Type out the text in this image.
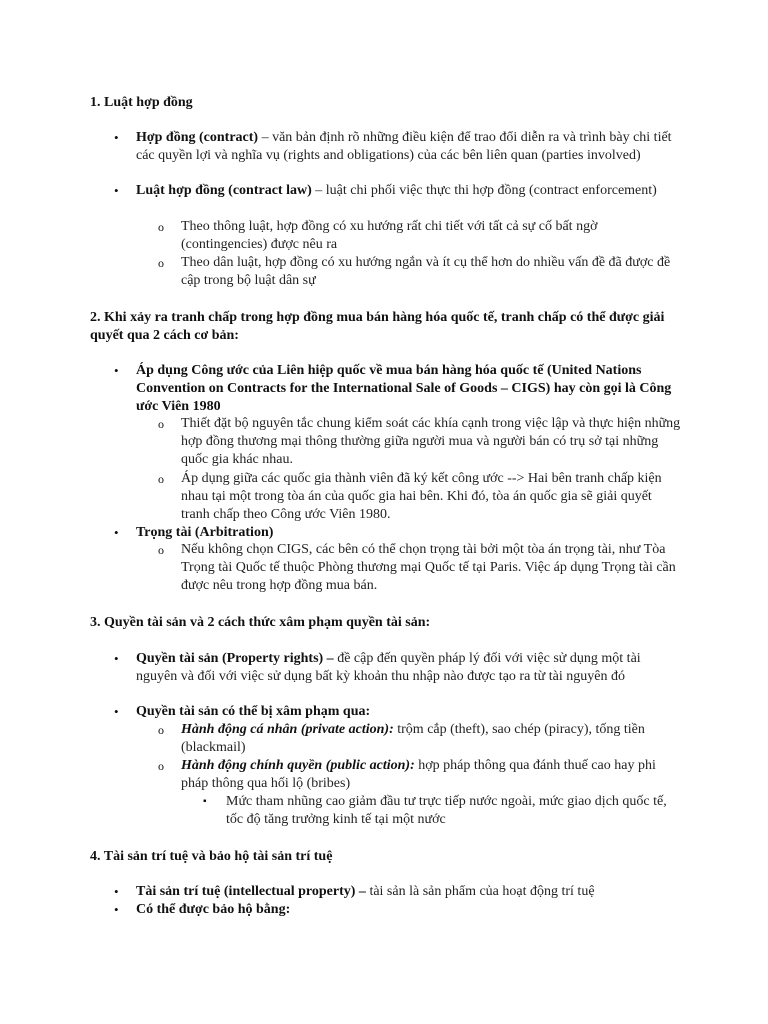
1. Luật hợp đồng
• Hợp đồng (contract) – văn bản định rõ những điều kiện để trao đổi diễn ra và trình bày chi tiết các quyền lợi và nghĩa vụ (rights and obligations) của các bên liên quan (parties involved)
• Luật hợp đồng (contract law) – luật chi phối việc thực thi hợp đồng (contract enforcement)
o Theo thông luật, hợp đồng có xu hướng rất chi tiết với tất cả sự cố bất ngờ (contingencies) được nêu ra
o Theo dân luật, hợp đồng có xu hướng ngắn và ít cụ thể hơn do nhiều vấn đề đã được đề cập trong bộ luật dân sự
2. Khi xảy ra tranh chấp trong hợp đồng mua bán hàng hóa quốc tế, tranh chấp có thể được giải quyết qua 2 cách cơ bản:
• Áp dụng Công ước của Liên hiệp quốc về mua bán hàng hóa quốc tế (United Nations Convention on Contracts for the International Sale of Goods – CIGS) hay còn gọi là Công ước Viên 1980
o Thiết đặt bộ nguyên tắc chung kiểm soát các khía cạnh trong việc lập và thực hiện những hợp đồng thương mại thông thường giữa người mua và người bán có trụ sở tại những quốc gia khác nhau.
o Áp dụng giữa các quốc gia thành viên đã ký kết công ước --> Hai bên tranh chấp kiện nhau tại một trong tòa án của quốc gia hai bên. Khi đó, tòa án quốc gia sẽ giải quyết tranh chấp theo Công ước Viên 1980.
• Trọng tài (Arbitration)
o Nếu không chọn CIGS, các bên có thể chọn trọng tài bởi một tòa án trọng tài, như Tòa Trọng tài Quốc tế thuộc Phòng thương mại Quốc tế tại Paris. Việc áp dụng Trọng tài cần được nêu trong hợp đồng mua bán.
3. Quyền tài sản và 2 cách thức xâm phạm quyền tài sản:
• Quyền tài sản (Property rights) – đề cập đến quyền pháp lý đối với việc sử dụng một tài nguyên và đối với việc sử dụng bất kỳ khoản thu nhập nào được tạo ra từ tài nguyên đó
• Quyền tài sản có thể bị xâm phạm qua:
o Hành động cá nhân (private action): trộm cắp (theft), sao chép (piracy), tống tiền (blackmail)
o Hành động chính quyền (public action): hợp pháp thông qua đánh thuế cao hay phi pháp thông qua hối lộ (bribes)
▪ Mức tham nhũng cao giảm đầu tư trực tiếp nước ngoài, mức giao dịch quốc tế, tốc độ tăng trưởng kinh tế tại một nước
4. Tài sản trí tuệ và bảo hộ tài sản trí tuệ
• Tài sản trí tuệ (intellectual property) – tài sản là sản phẩm của hoạt động trí tuệ
• Có thể được bảo hộ bằng:
